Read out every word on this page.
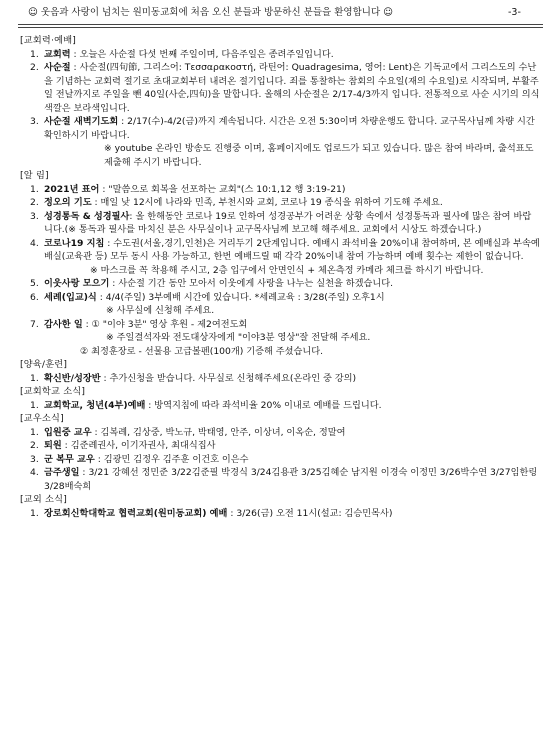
☺ 웃음과 사랑이 넘치는 원미동교회에 처음 오신 분들과 방문하신 분들을 환영합니다 ☺	-3-
[교회력·예배]
1. 교회력 : 오늘은 사순절 다섯 번째 주일이며, 다음주일은 종려주일입니다.
2. 사순절 : 사순절(四旬節, 그리스어: Τεσσαρακοστή, 라틴어: Quadragesima, 영어: Lent)은 기독교에서 그리스도의 수난을 기념하는 교회력 절기로 초대교회부터 내려온 절기입니다. 죄를 통찰하는 참회의 수요일(재의 수요일)로 시작되며, 부활주일 전날까지로 주일을 뺀 40일(사순,四旬)을 말합니다. 올해의 사순절은 2/17-4/3까지 입니다. 전통적으로 사순 시기의 의식 색깔은 보라색입니다.
3. 사순절 새벽기도회 : 2/17(수)-4/2(금)까지 계속됩니다. 시간은 오전 5:30이며 차량운행도 합니다. 교구목사님께 차량 시간 확인하시기 바랍니다.
※ youtube 온라인 방송도 진행중 이며, 홈페이지에도 업로드가 되고 있습니다. 많은 참여 바라며, 출석표도 제출해 주시기 바랍니다.
[알 림]
1. 2021년 표어 : "말씀으로 회복을 선포하는 교회"(스 10:1,12 행 3:19-21)
2. 정오의 기도 : 매일 낮 12시에 나라와 민족, 부천시와 교회, 코로나 19 종식을 위하여 기도해 주세요.
3. 성경통독 & 성경필사: 올 한해동안 코로나 19로 인하여 성경공부가 어려운 상황 속에서 성경통독과 필사에 많은 참여 바랍니다.(※ 통독과 필사를 마치신 분은 사무실이나 교구목사님께 보고해 해주세요. 교회에서 시상도 하겠습니다.)
4. 코로나19 지침 : 수도권(서울,경기,인천)은 거리두기 2단계입니다. 예배시 좌석비율 20%이내 참여하며, 본 예배실과 부속예배실(교육관 등) 모두 동시 사용 가능하고, 한번 예배드릴 때 각각 20%이내 참여 가능하며 예배 횟수는 제한이 없습니다.
※ 마스크를 꼭 착용해 주시고, 2층 입구에서 안면인식 + 체온측정 카메라 체크를 하시기 바랍니다.
5. 이웃사랑 모으기 : 사순절 기간 동안 모아서 이웃에게 사랑을 나누는 실천을 하겠습니다.
6. 세례(입교)식 : 4/4(주일) 3부예배 시간에 있습니다. *세례교육 : 3/28(주일) 오후1시
※ 사무실에 신청해 주세요.
7. 감사한 일 : ① "이야 3분" 영상 후원 - 제2여전도회
※ 주일결석자와 전도대상자에게 "이야3분 영상"잘 전달해 주세요.
② 최정훈장로 - 선물용 고급볼펜(100개) 기증해 주셨습니다.
[양육/훈련]
1. 확신반/성장반 : 추가신청을 받습니다. 사무실로 신청해주세요(온라인 중 강의)
[교회학교 소식]
1. 교회학교, 청년(4부)예배 : 방역지침에 따라 좌석비율 20% 이내로 예배를 드립니다.
[교우소식]
1. 입원중 교우 : 김복례, 김상중, 박노규, 박태영, 안주, 이상녀, 이옥순, 정말여
2. 퇴원 : 김준례권사, 이기자권사, 최대식집사
3. 군 복무 교우 : 김광민 김정우 김주훈 이건호 이은수
4. 금주생일 : 3/21 강혜선 정민준 3/22김준필 박경식 3/24김용관 3/25김혜순 남지원 이경숙 이정민 3/26박수연 3/27임한링 3/28배숙희
[교외 소식]
1. 장로회신학대학교 협력교회(원미동교회) 예배 : 3/26(금) 오전 11시(설교: 김승민목사)
